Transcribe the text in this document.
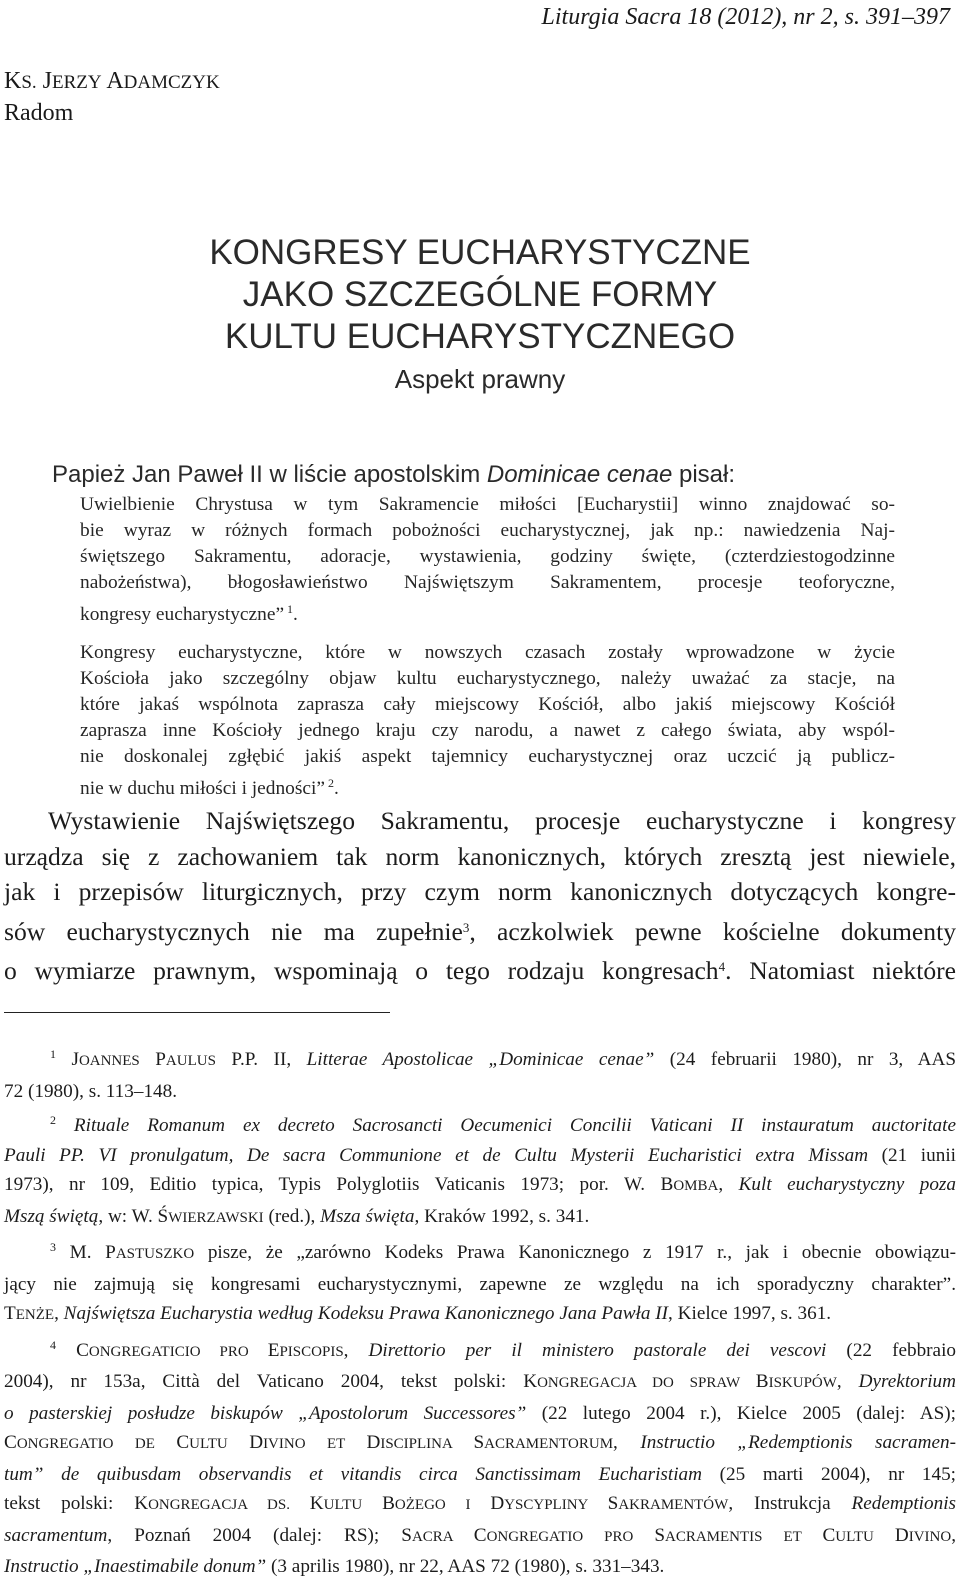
Liturgia Sacra 18 (2012), nr 2, s. 391–397
KS. JERZY ADAMCZYK
Radom
KONGRESY EUCHARYSTYCZNE
JAKO SZCZEGÓLNE FORMY
KULTU EUCHARYSTYCZNEGO
Aspekt prawny
Papież Jan Paweł II w liście apostolskim Dominicae cenae pisał:
Uwielbienie Chrystusa w tym Sakramencie miłości [Eucharystii] winno znajdować so-
bie wyraz w różnych formach pobożności eucharystycznej, jak np.: nawiedzenia Naj-
świętszego Sakramentu, adoracje, wystawienia, godziny święte, (czterdziestogodzinne
nabożeństwa), błogosławieństwo Najświętszym Sakramentem, procesje teoforyczne,
kongresy eucharystyczne” $^1$.
Kongresy eucharystyczne, które w nowszych czasach zostały wprowadzone w życie
Kościoła jako szczególny objaw kultu eucharystycznego, należy uważać za stacje, na
które jakaś wspólnota zaprasza cały miejscowy Kościół, albo jakiś miejscowy Kościół
zaprasza inne Kościoły jednego kraju czy narodu, a nawet z całego świata, aby wspól-
nie doskonalej zgłębić jakiś aspekt tajemnicy eucharystycznej oraz uczcić ją publicz-
nie w duchu miłości i jedności” $^2$.
Wystawienie Najświętszego Sakramentu, procesje eucharystyczne i kongresy
urządza się z zachowaniem tak norm kanonicznych, których zresztą jest niewiele,
jak i przepisów liturgicznych, przy czym norm kanonicznych dotyczących kongre-
sów eucharystycznych nie ma zupełnie$^3$, aczkolwiek pewne kościelne dokumenty
o wymiarze prawnym, wspominają o tego rodzaju kongresach$^4$. Natomiast niektóre
$^1$ JOANNES PAULUS P.P. II, Litterae Apostolicae „Dominicae cenae” (24 februarii 1980), nr 3, AAS
72 (1980), s. 113–148.
$^2$ Rituale Romanum ex decreto Sacrosancti Oecumenici Concilii Vaticani II instauratum auctoritate
Pauli PP. VI pronulgatum, De sacra Communione et de Cultu Mysterii Eucharistici extra Missam (21 iunii
1973), nr 109, Editio typica, Typis Polyglotiis Vaticanis 1973; por. W. BOMBA, Kult eucharystyczny poza
Mszą świętą, w: W. ŚWIERZAWSKI (red.), Msza święta, Kraków 1992, s. 341.
$^3$ M. PASTUSZKO pisze, że „zarówno Kodeks Prawa Kanonicznego z 1917 r., jak i obecnie obowiązu-
jący nie zajmują się kongresami eucharystycznymi, zapewne ze względu na ich sporadyczny charakter”.
TENŻE, Najświętsza Eucharystia według Kodeksu Prawa Kanonicznego Jana Pawła II, Kielce 1997, s. 361.
$^4$ CONGREGATICIO PRO EPISCOPIS, Direttorio per il ministero pastorale dei vescovi (22 febbraio
2004), nr 153a, Città del Vaticano 2004, tekst polski: KONGREGACJA DO SPRAW BISKUPÓW, Dyrektorium
o pasterskiej posłudze biskupów „Apostolorum Successores” (22 lutego 2004 r.), Kielce 2005 (dalej: AS);
CONGREGATIO DE CULTU DIVINO ET DISCIPLINA SACRAMENTORUM, Instructio „Redemptionis sacramen-
tum” de quibusdam observandis et vitandis circa Sanctissimam Eucharistiam (25 marti 2004), nr 145;
tekst polski: KONGREGACJA DS. KULTU BOŻEGO I DYSCYPLINY SAKRAMENTÓW, Instrukcja Redemptionis
sacramentum, Poznań 2004 (dalej: RS); SACRA CONGREGATIO PRO SACRAMENTIS ET CULTU DIVINO,
Instructio „Inaestimabile donum” (3 aprilis 1980), nr 22, AAS 72 (1980), s. 331–343.
